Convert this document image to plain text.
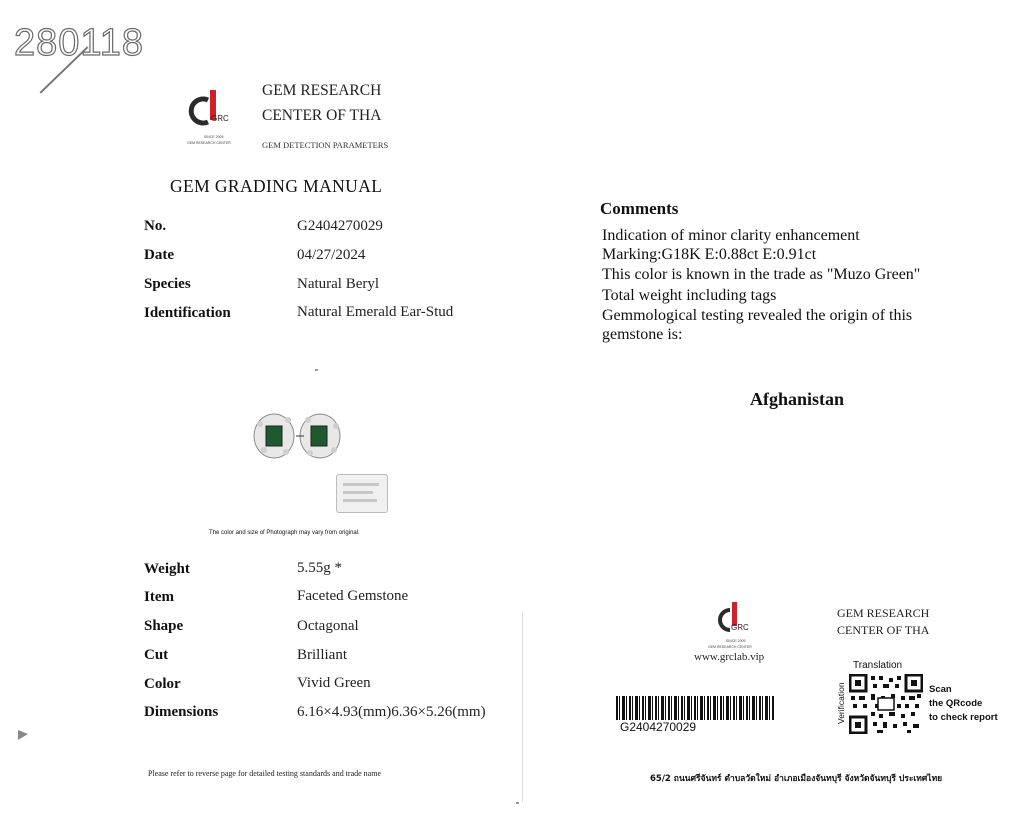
280118
GRC
SINCE 2005
GEM RESEARCH CENTER
GEM RESEARCH
CENTER OF THA
GEM DETECTION PARAMETERS
GEM GRADING MANUAL
No.	G2404270029
Date	04/27/2024
Species	Natural Beryl
Identification	Natural Emerald Ear-Stud
The color and size of Photograph may vary from original.
Weight	5.55g *
Item	Faceted Gemstone
Shape	Octagonal
Cut	Brilliant
Color	Vivid Green
Dimensions	6.16×4.93(mm)6.36×5.26(mm)
Please refer to reverse page for detailed testing standards and trade name
Comments
Indication of minor clarity enhancement
Marking:G18K E:0.88ct E:0.91ct
This color is known in the trade as "Muzo Green"
Total weight including tags
Gemmological testing revealed the origin of this
gemstone is:
Afghanistan
GRC
SINCE 2005
GEM RESEARCH CENTER
www.grclab.vip
GEM RESEARCH
CENTER OF THA
G2404270029
Translation
Verification	Scan
the QRcode
to check report
65/2 ถนนศรีจันทร์ ตำบลวัดใหม่ อำเภอเมืองจันทบุรี จังหวัดจันทบุรี ประเทศไทย
